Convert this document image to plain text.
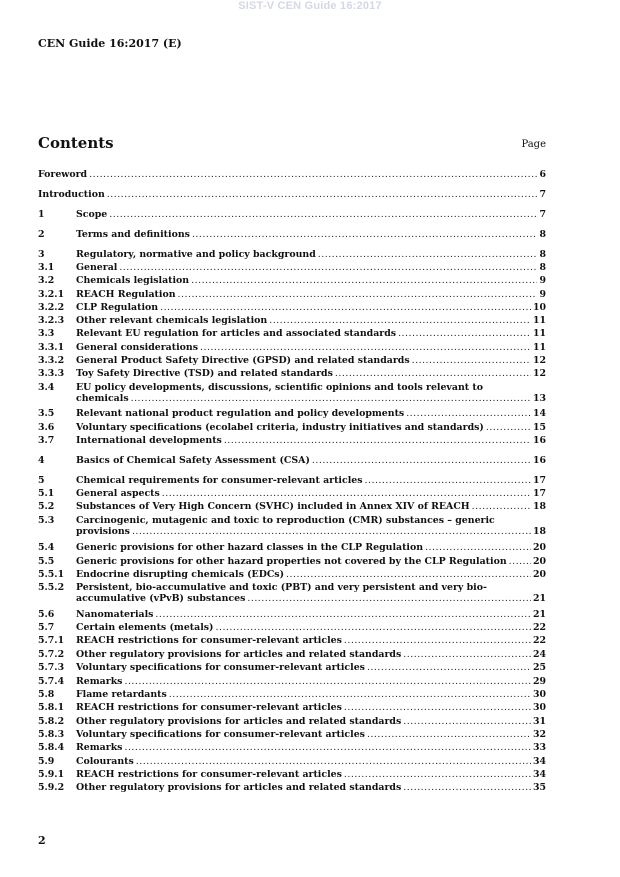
SIST-V CEN Guide 16:2017
CEN Guide 16:2017 (E)
Contents	Page
Foreword .....	6
Introduction .....	7
1	Scope .....	7
2	Terms and definitions .....	8
3	Regulatory, normative and policy background .....	8
3.1 General .....	8
3.2 Chemicals legislation .....	9
3.2.1 REACH Regulation .....	9
3.2.2 CLP Regulation .....	10
3.2.3 Other relevant chemicals legislation .....	11
3.3 Relevant EU regulation for articles and associated standards .....	11
3.3.1 General considerations .....	11
3.3.2 General Product Safety Directive (GPSD) and related standards .....	12
3.3.3 Toy Safety Directive (TSD) and related standards .....	12
3.4 EU policy developments, discussions, scientific opinions and tools relevant to
chemicals .....	13
3.5 Relevant national product regulation and policy developments .....	14
3.6 Voluntary specifications (ecolabel criteria, industry initiatives and standards) .....	15
3.7 International developments .....	16
4	Basics of Chemical Safety Assessment (CSA) .....	16
5	Chemical requirements for consumer-relevant articles .....	17
5.1 General aspects .....	17
5.2 Substances of Very High Concern (SVHC) included in Annex XIV of REACH .....	18
5.3 Carcinogenic, mutagenic and toxic to reproduction (CMR) substances – generic
provisions .....	18
5.4 Generic provisions for other hazard classes in the CLP Regulation .....	20
5.5 Generic provisions for other hazard properties not covered by the CLP Regulation .....	20
5.5.1 Endocrine disrupting chemicals (EDCs) .....	20
5.5.2 Persistent, bio-accumulative and toxic (PBT) and very persistent and very bio-
accumulative (vPvB) substances .....	21
5.6 Nanomaterials .....	21
5.7 Certain elements (metals) .....	22
5.7.1 REACH restrictions for consumer-relevant articles .....	22
5.7.2 Other regulatory provisions for articles and related standards .....	24
5.7.3 Voluntary specifications for consumer-relevant articles .....	25
5.7.4 Remarks .....	29
5.8 Flame retardants .....	30
5.8.1 REACH restrictions for consumer-relevant articles .....	30
5.8.2 Other regulatory provisions for articles and related standards .....	31
5.8.3 Voluntary specifications for consumer-relevant articles .....	32
5.8.4 Remarks .....	33
5.9 Colourants .....	34
5.9.1 REACH restrictions for consumer-relevant articles .....	34
5.9.2 Other regulatory provisions for articles and related standards .....	35
2
